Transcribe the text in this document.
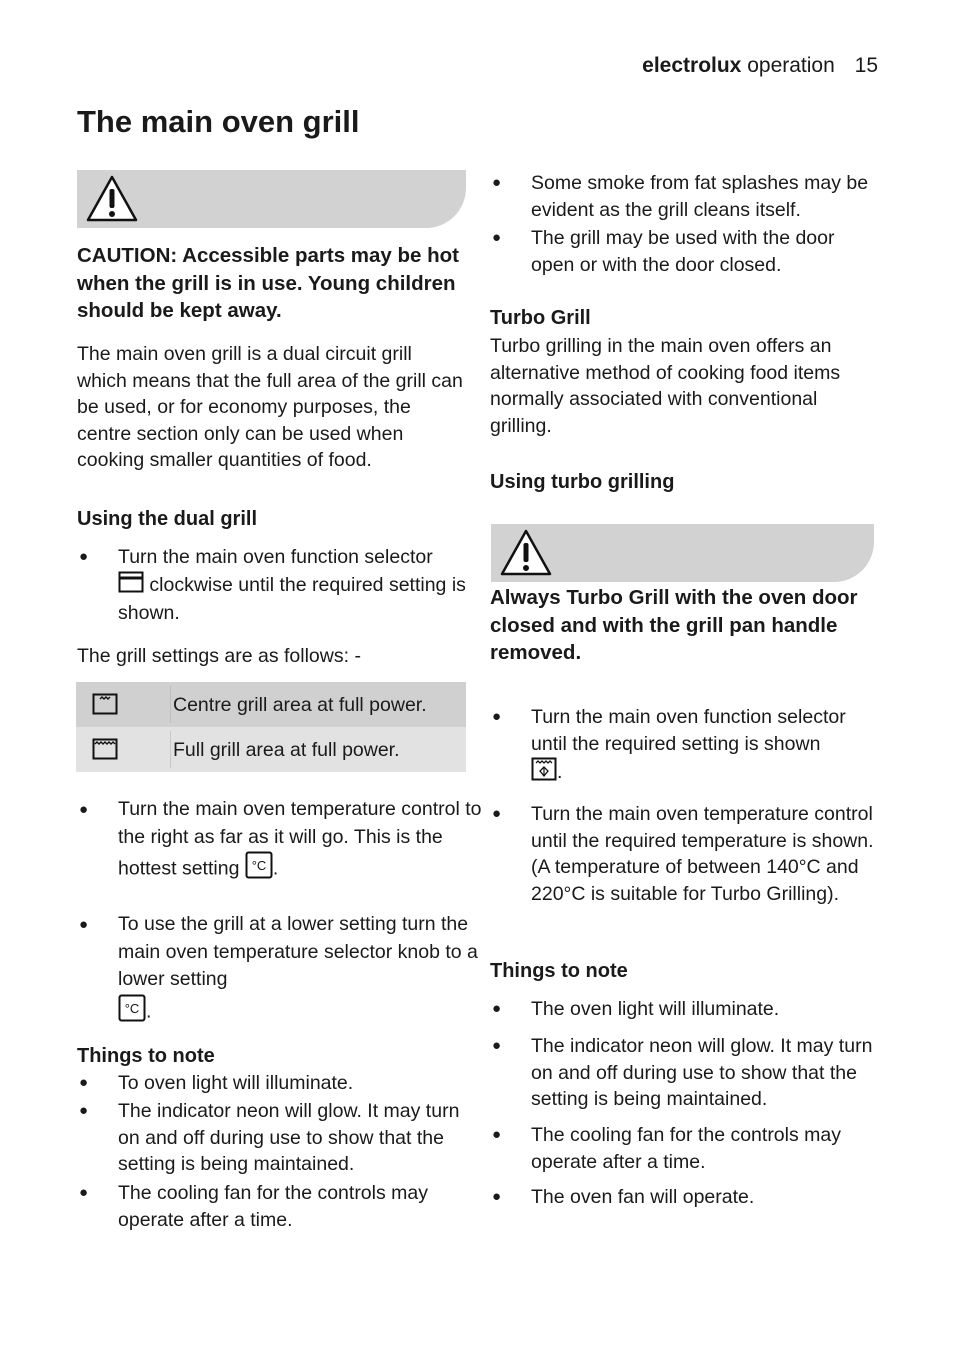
electrolux operation 15
The main oven grill
CAUTION: Accessible parts may be hot when the grill is in use. Young children should be kept away.
The main oven grill is a dual circuit grill which means that the full area of the grill can be used, or for economy purposes, the centre section only can be used when cooking smaller quantities of food.
Using the dual grill
● Turn the main oven function selector
clockwise until the required setting is shown.
The grill settings are as follows: -
Centre grill area at full power.
Full grill area at full power.
● Turn the main oven temperature control to the right as far as it will go. This is the hottest setting °C .
● To use the grill at a lower setting turn the main oven temperature selector knob to a lower setting

°C .
Things to note
● To oven light will illuminate.
● The indicator neon will glow. It may turn on and off during use to show that the setting is being maintained.
● The cooling fan for the controls may operate after a time.
● Some smoke from fat splashes may be evident as the grill cleans itself.
● The grill may be used with the door open or with the door closed.
Turbo Grill
Turbo grilling in the main oven offers an alternative method of cooking food items normally associated with conventional grilling.
Using turbo grilling
Always Turbo Grill with the oven door closed and with the grill pan handle removed.
● Turn the main oven function selector until the required setting is shown
.
● Turn the main oven temperature control until the required temperature is shown. (A temperature of between 140°C and 220°C is suitable for Turbo Grilling).
Things to note
● The oven light will illuminate.
● The indicator neon will glow. It may turn on and off during use to show that the setting is being maintained.
● The cooling fan for the controls may operate after a time.
● The oven fan will operate.
